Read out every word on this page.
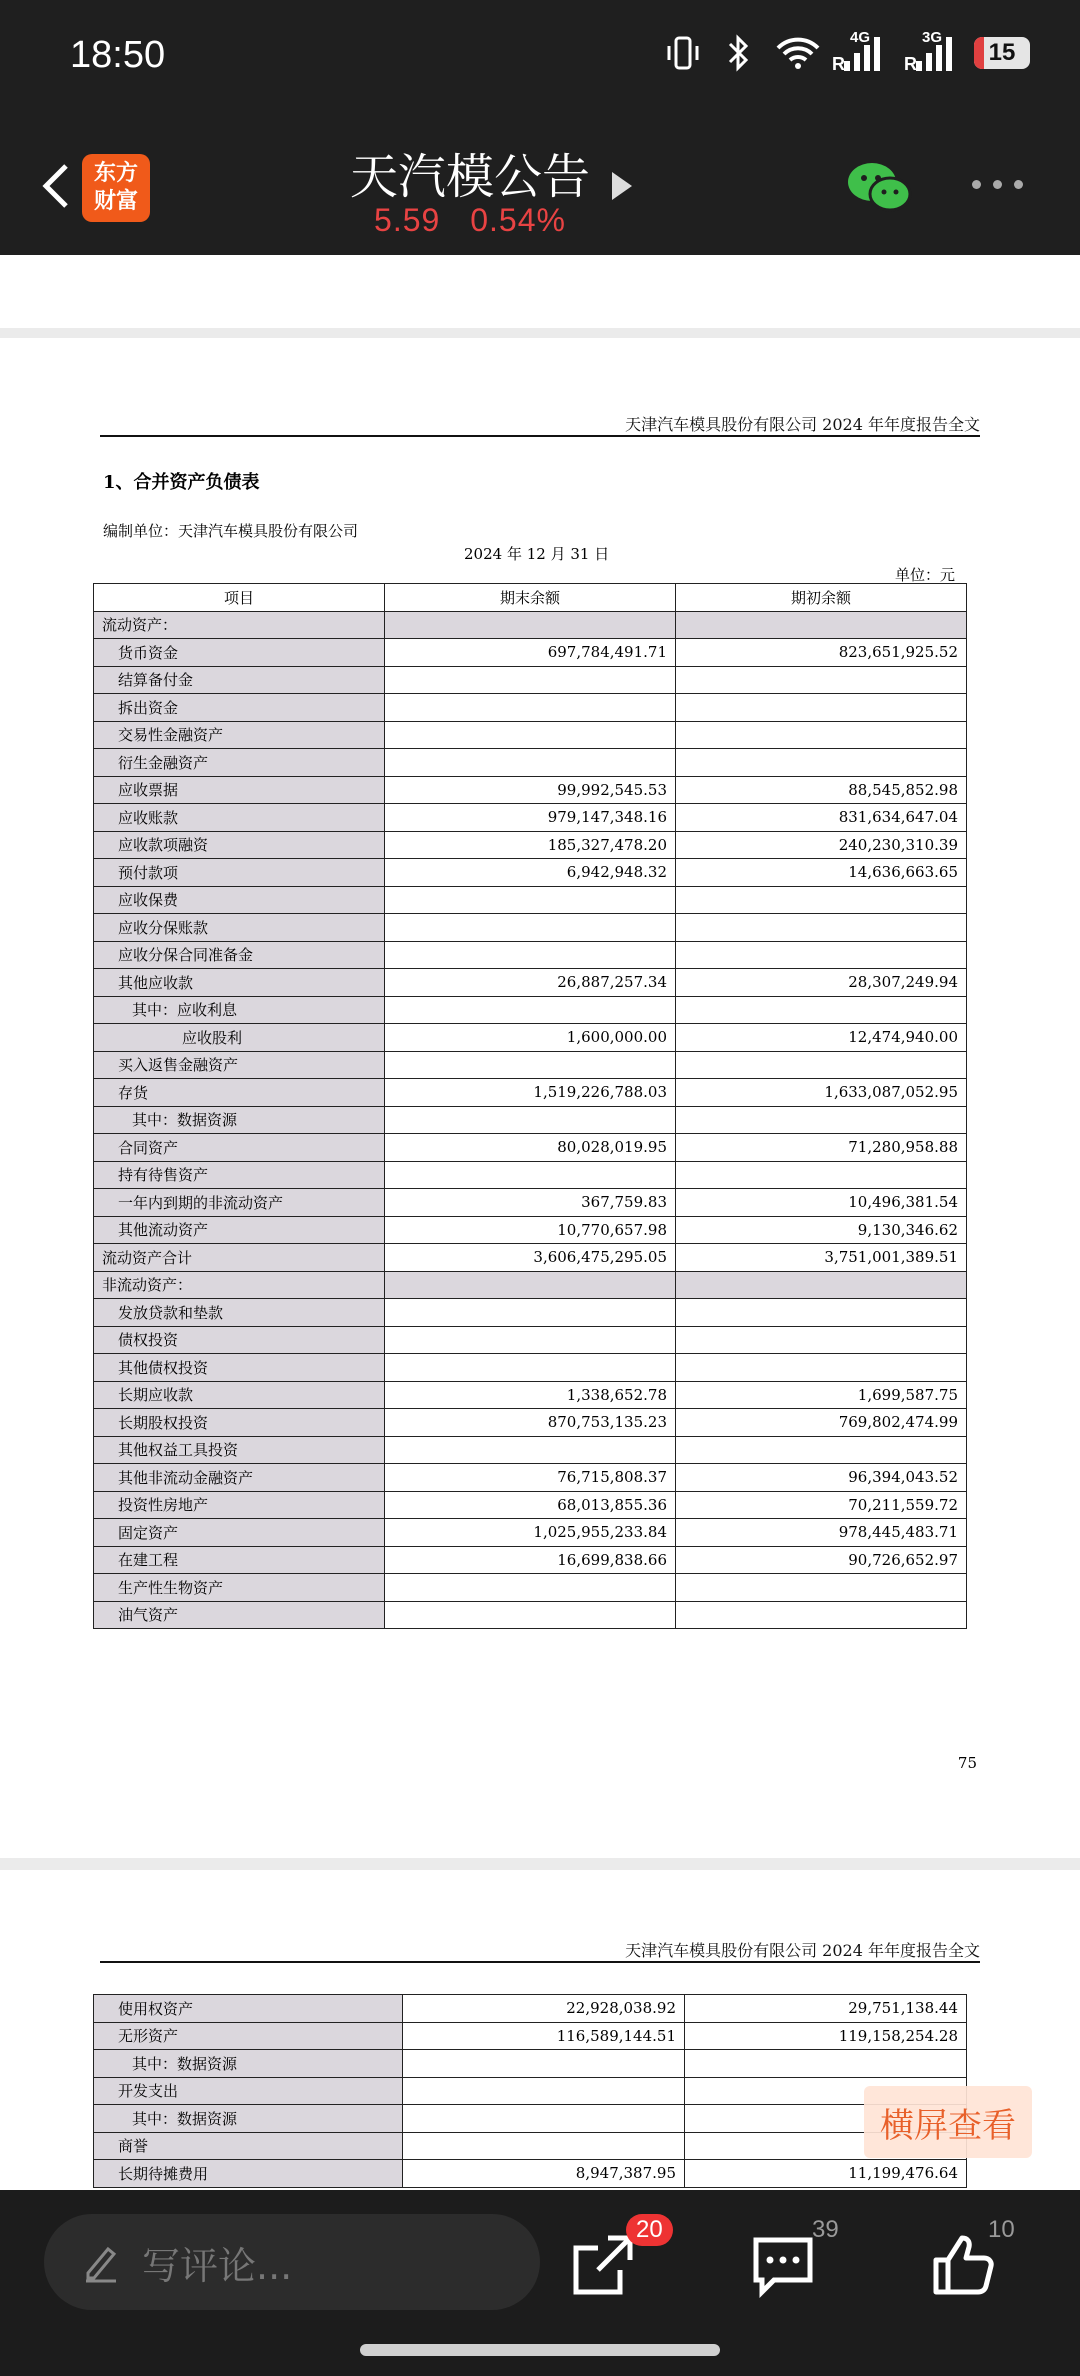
18:50	4G
R
3G
R	15
东方
财富	天汽模公告
5.59 0.54%
天津汽车模具股份有限公司 2024 年年度报告全文
1、合并资产负债表
编制单位：天津汽车模具股份有限公司
2024 年 12 月 31 日
单位：元
项目	期末余额	期初余额
流动资产：		
货币资金	697,784,491.71	823,651,925.52
结算备付金		
拆出资金		
交易性金融资产		
衍生金融资产		
应收票据	99,992,545.53	88,545,852.98
应收账款	979,147,348.16	831,634,647.04
应收款项融资	185,327,478.20	240,230,310.39
预付款项	6,942,948.32	14,636,663.65
应收保费		
应收分保账款		
应收分保合同准备金		
其他应收款	26,887,257.34	28,307,249.94
其中：应收利息		
应收股利	1,600,000.00	12,474,940.00
买入返售金融资产		
存货	1,519,226,788.03	1,633,087,052.95
其中：数据资源		
合同资产	80,028,019.95	71,280,958.88
持有待售资产		
一年内到期的非流动资产	367,759.83	10,496,381.54
其他流动资产	10,770,657.98	9,130,346.62
流动资产合计	3,606,475,295.05	3,751,001,389.51
非流动资产：		
发放贷款和垫款		
债权投资		
其他债权投资		
长期应收款	1,338,652.78	1,699,587.75
长期股权投资	870,753,135.23	769,802,474.99
其他权益工具投资		
其他非流动金融资产	76,715,808.37	96,394,043.52
投资性房地产	68,013,855.36	70,211,559.72
固定资产	1,025,955,233.84	978,445,483.71
在建工程	16,699,838.66	90,726,652.97
生产性生物资产		
油气资产		
75
天津汽车模具股份有限公司 2024 年年度报告全文
使用权资产	22,928,038.92	29,751,138.44
无形资产	116,589,144.51	119,158,254.28
其中：数据资源		
开发支出		
其中：数据资源		
商誉		
长期待摊费用	8,947,387.95	11,199,476.64
横屏查看
写评论...
20	39	10
